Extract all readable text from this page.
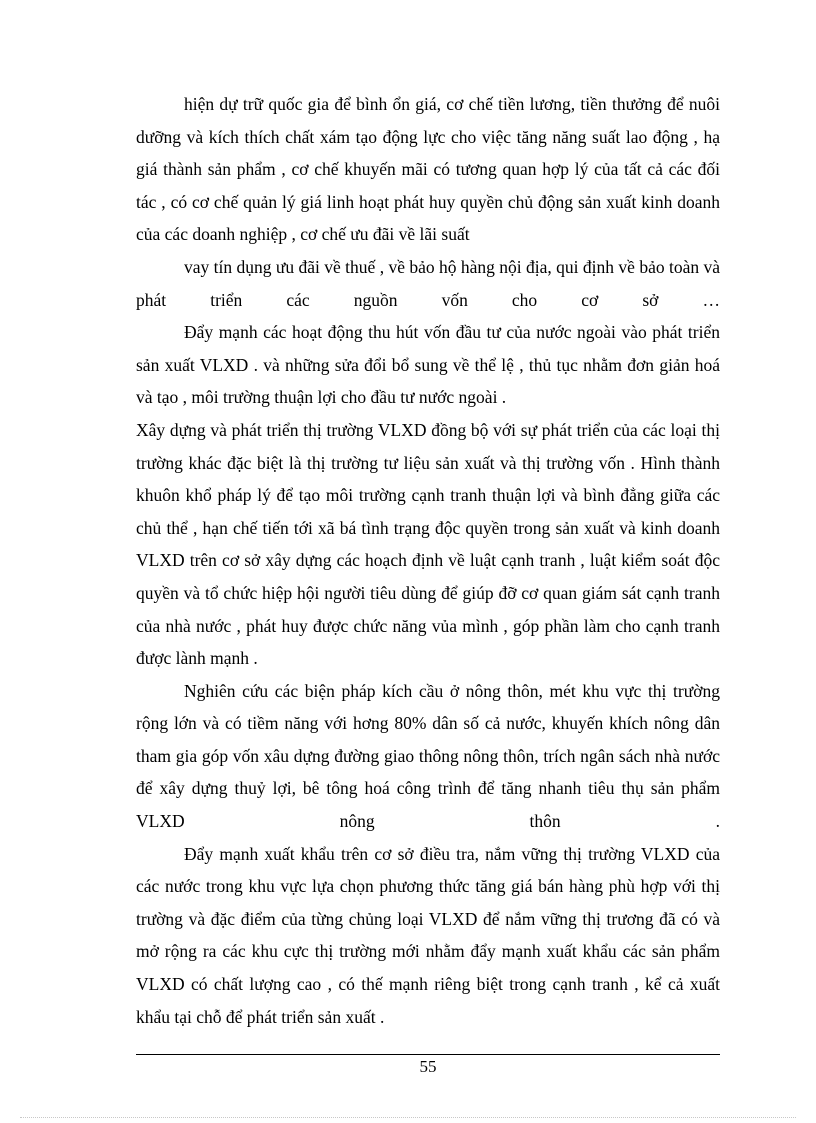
hiện dự trữ quốc gia để bình ổn giá, cơ chế tiền lương, tiền thưởng để nuôi dưỡng và kích thích chất xám tạo động lực cho việc tăng năng suất lao động , hạ giá thành sản phẩm , cơ chế khuyến mãi có tương quan hợp lý của tất cả các đối tác , có cơ chế quản lý giá linh hoạt phát huy quyền chủ động sản xuất kinh doanh của các doanh nghiệp , cơ chế ưu đãi về lãi suất

vay tín dụng ưu đãi về thuế , về bảo hộ hàng nội địa, qui định về bảo toàn và phát triển các nguồn vốn cho cơ sở …

Đẩy mạnh các hoạt động thu hút vốn đầu tư của nước ngoài vào phát triển sản xuất VLXD . và những sửa đổi bổ sung về thể lệ , thủ tục nhằm đơn giản hoá và tạo , môi trường thuận lợi cho đầu tư nước ngoài .

Xây dựng và phát triển thị trường VLXD đồng bộ với sự phát triển của các loại thị trường khác đặc biệt là thị trường tư liệu sản xuất và thị trường vốn . Hình thành khuôn khổ pháp lý để tạo môi trường cạnh tranh thuận lợi và bình đẳng giữa các chủ thể , hạn chế tiến tới xã bá tình trạng độc quyền trong sản xuất và kinh doanh VLXD trên cơ sở xây dựng các hoạch định về luật cạnh tranh , luật kiểm soát độc quyền và tổ chức hiệp hội người tiêu dùng để giúp đỡ cơ quan giám sát cạnh tranh của nhà nước , phát huy được chức năng vủa mình , góp phần làm cho cạnh tranh được lành mạnh .

Nghiên cứu các biện pháp kích cầu ở nông thôn, mét khu vực thị trường rộng lớn và có tiềm năng với hơng 80% dân số cả nước, khuyến khích nông dân tham gia góp vốn xâu dựng đường giao thông nông thôn, trích ngân sách nhà nước để xây dựng thuỷ lợi, bê tông hoá công trình để tăng nhanh tiêu thụ sản phẩm VLXD nông thôn .

Đẩy mạnh xuất khẩu trên cơ sở điều tra, nắm vững thị trường VLXD của các nước trong khu vực lựa chọn phương thức tăng giá bán hàng phù hợp với thị trường và đặc điểm của từng chủng loại VLXD để nắm vững thị trương đã có và mở rộng ra các khu cực thị trường mới nhằm đẩy mạnh xuất khẩu các sản phẩm VLXD có chất lượng cao , có thế mạnh riêng biệt trong cạnh tranh , kể cả xuất khẩu tại chỗ để phát triển sản xuất .

55
